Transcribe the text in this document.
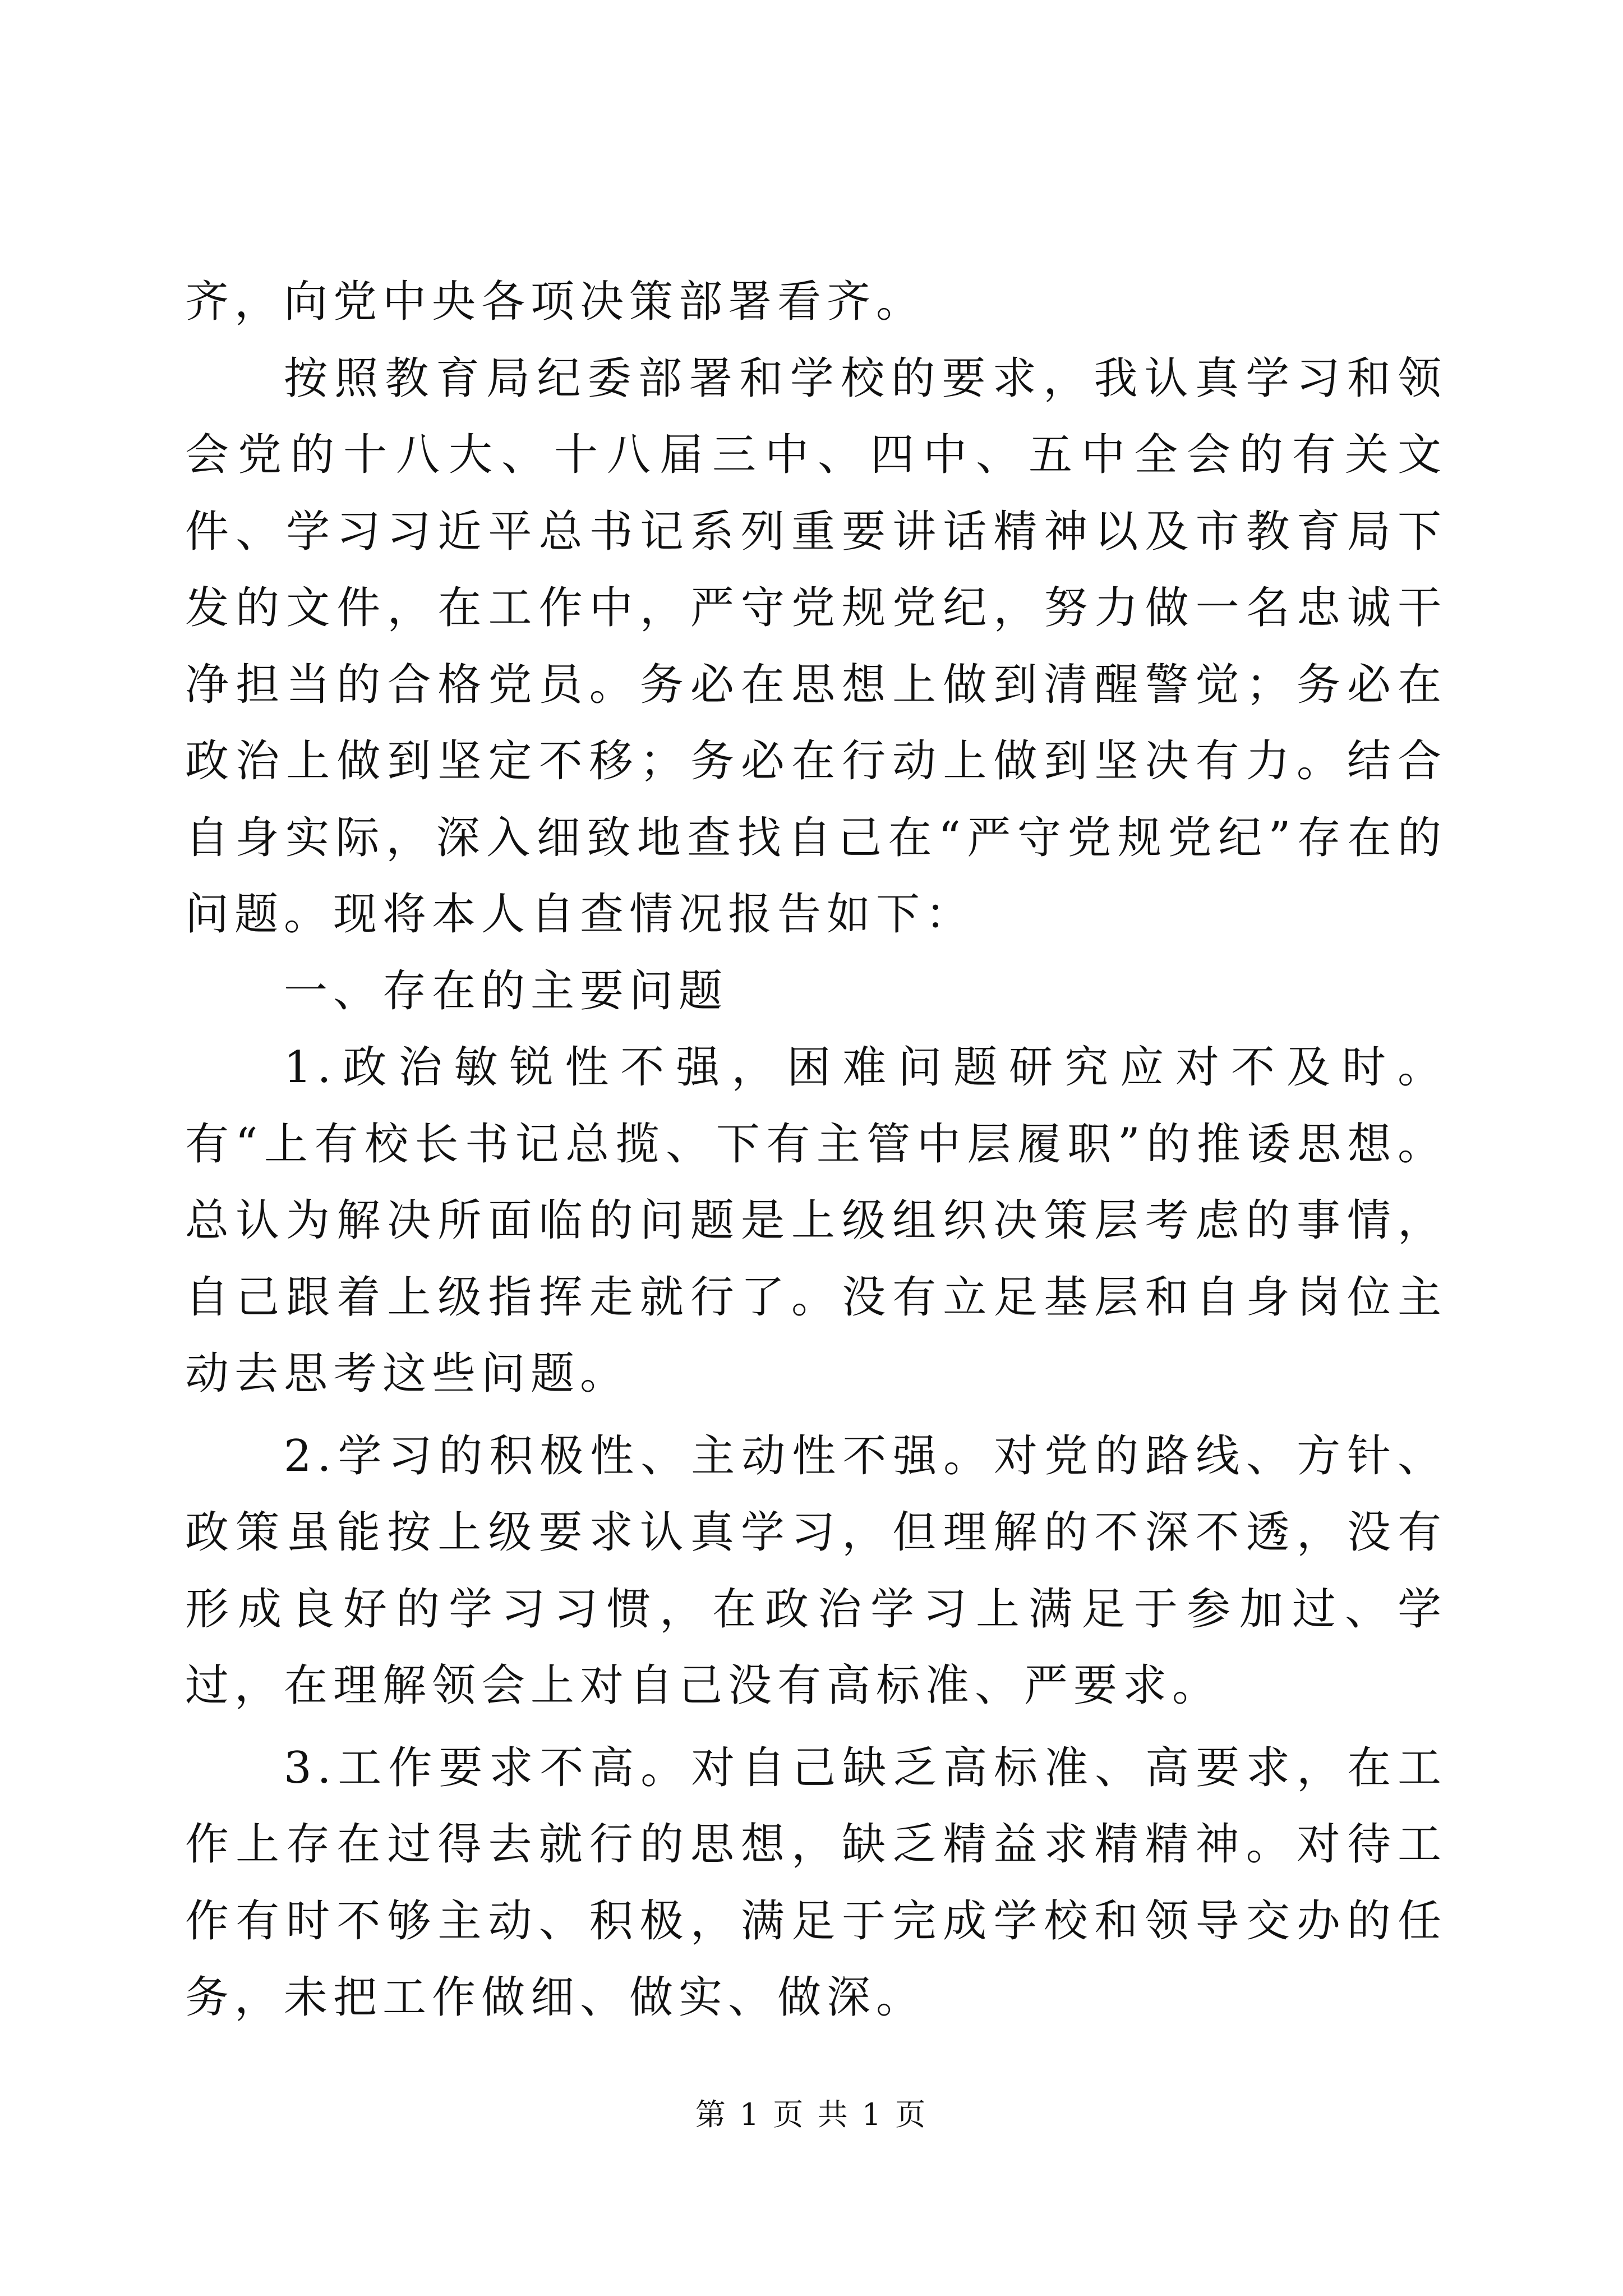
齐，向党中央各项决策部署看齐。

按照教育局纪委部署和学校的要求，我认真学习和领会党的十八大、十八届三中、四中、五中全会的有关文件、学习习近平总书记系列重要讲话精神以及市教育局下发的文件，在工作中，严守党规党纪，努力做一名忠诚干净担当的合格党员。务必在思想上做到清醒警觉；务必在政治上做到坚定不移；务必在行动上做到坚决有力。结合自身实际，深入细致地查找自己在“严守党规党纪”存在的问题。现将本人自查情况报告如下：

一、存在的主要问题

1.政治敏锐性不强，困难问题研究应对不及时。有“上有校长书记总揽、下有主管中层履职”的推诿思想。总认为解决所面临的问题是上级组织决策层考虑的事情，自己跟着上级指挥走就行了。没有立足基层和自身岗位主动去思考这些问题。

2.学习的积极性、主动性不强。对党的路线、方针、政策虽能按上级要求认真学习，但理解的不深不透，没有形成良好的学习习惯，在政治学习上满足于参加过、学过，在理解领会上对自己没有高标准、严要求。

3.工作要求不高。对自己缺乏高标准、高要求，在工作上存在过得去就行的思想，缺乏精益求精精神。对待工作有时不够主动、积极，满足于完成学校和领导交办的任务，未把工作做细、做实、做深。

第 1 页 共 1 页
